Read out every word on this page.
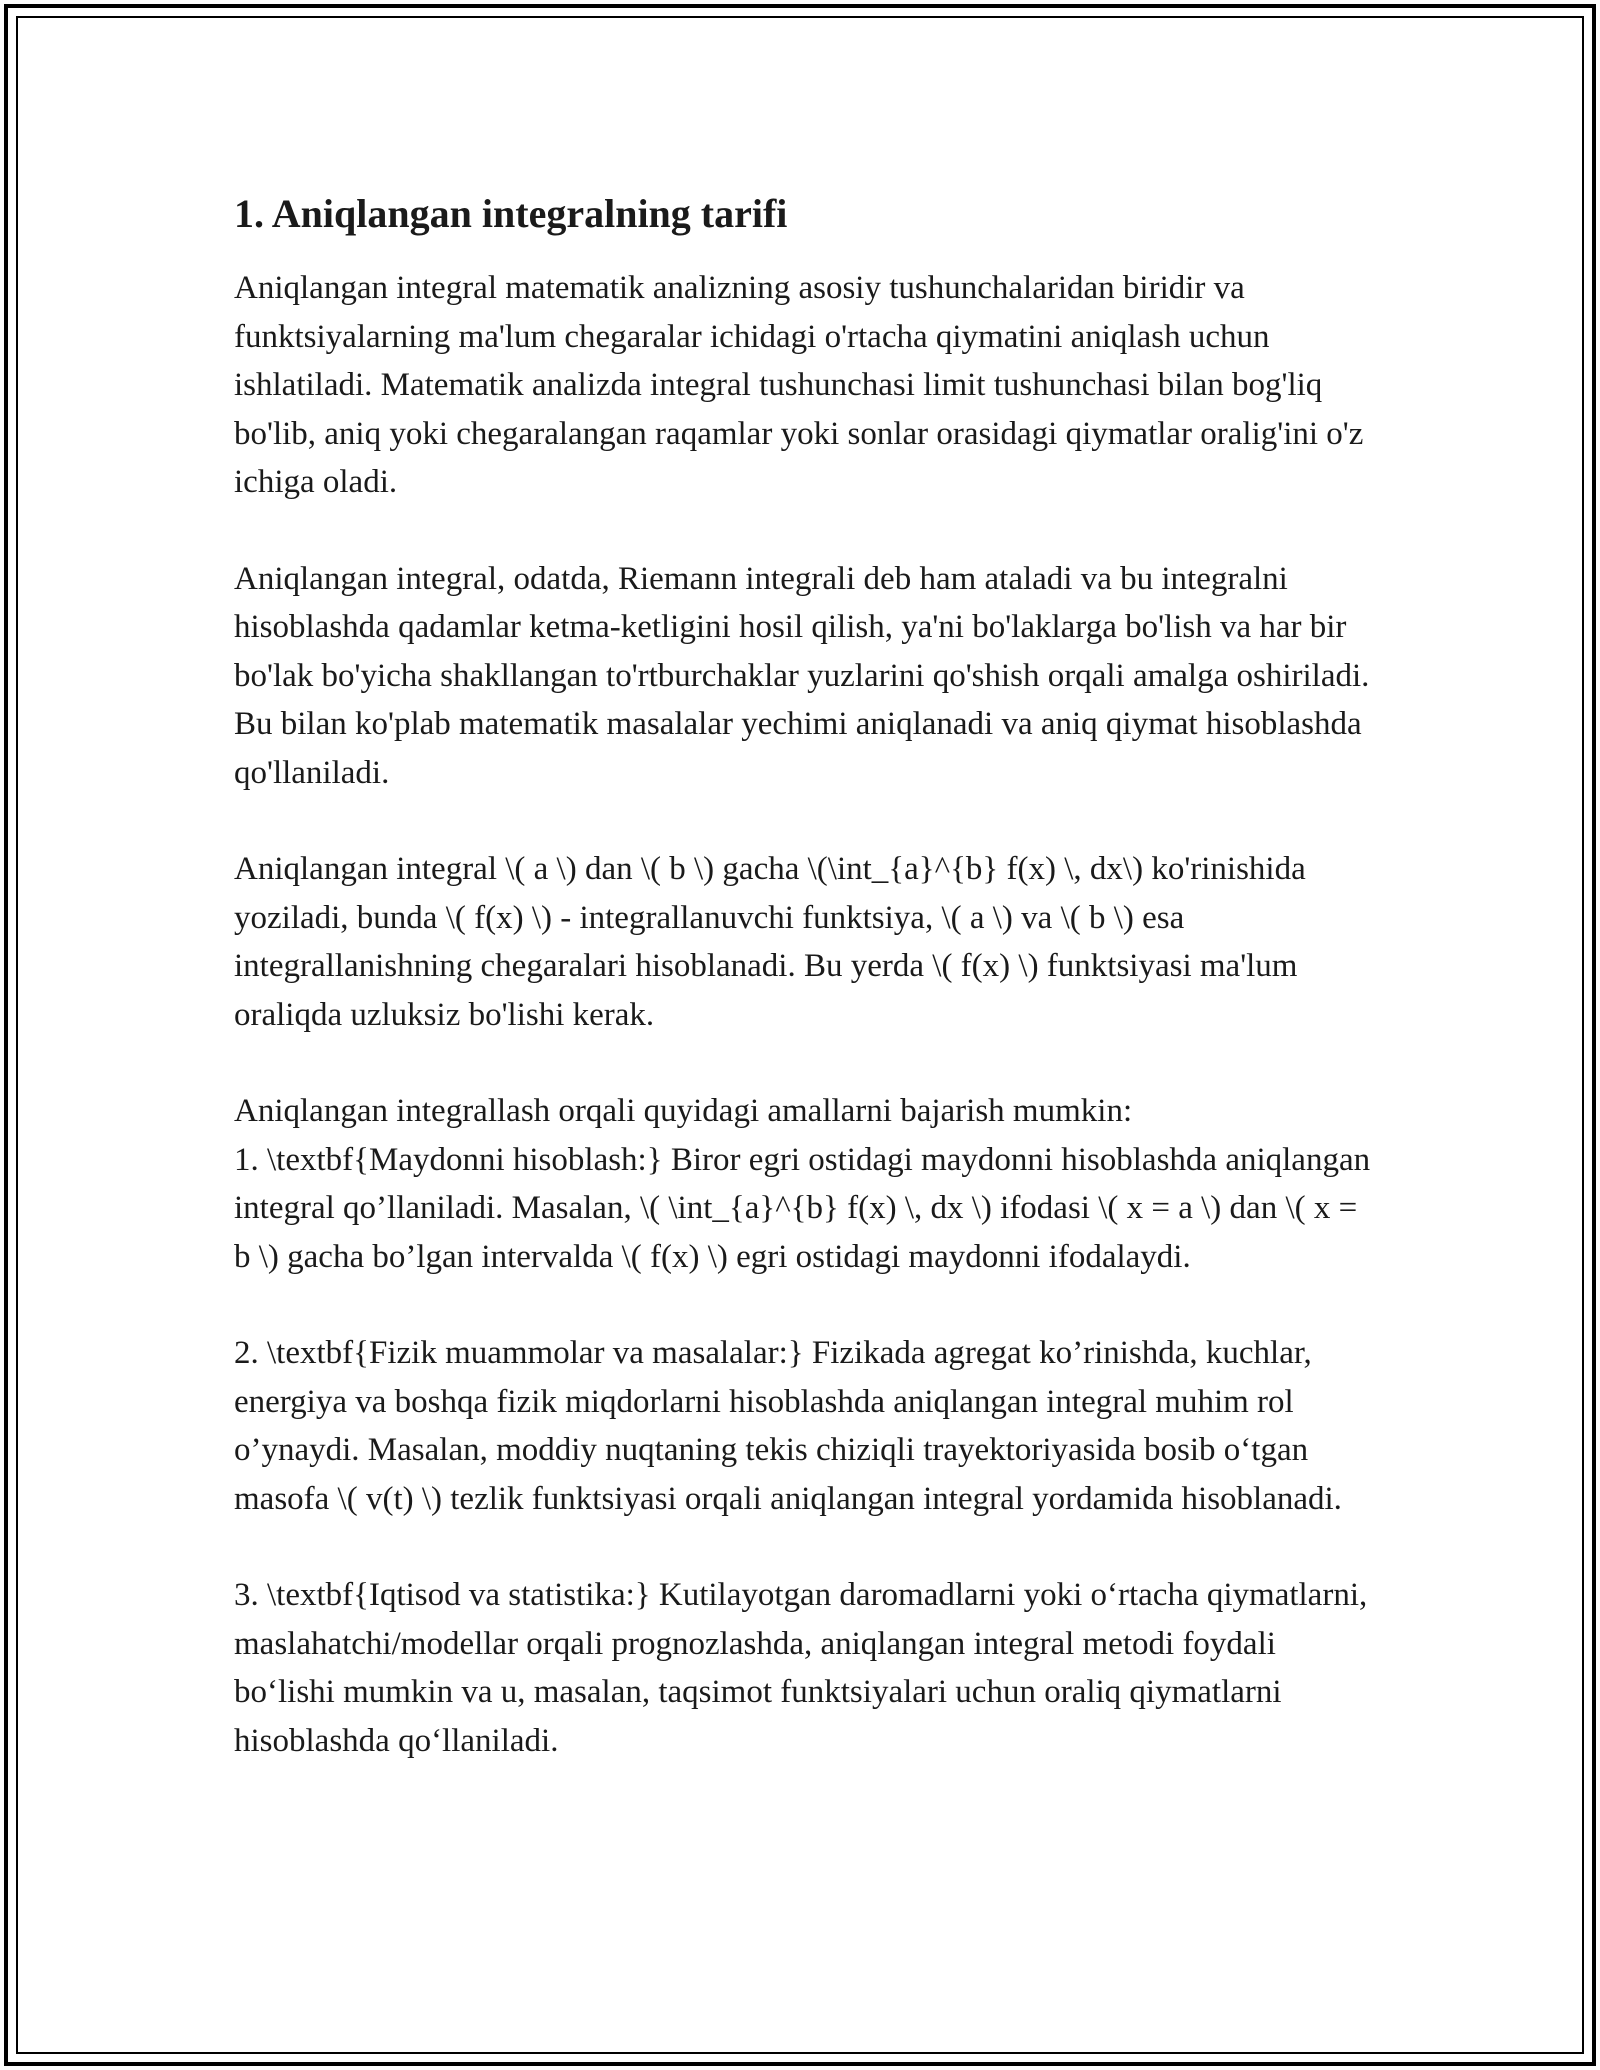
1. Aniqlangan integralning tarifi

Aniqlangan integral matematik analizning asosiy tushunchalaridan biridir va funktsiyalarning ma'lum chegaralar ichidagi o'rtacha qiymatini aniqlash uchun ishlatiladi. Matematik analizda integral tushunchasi limit tushunchasi bilan bog'liq bo'lib, aniq yoki chegaralangan raqamlar yoki sonlar orasidagi qiymatlar oralig'ini o'z ichiga oladi.

Aniqlangan integral, odatda, Riemann integrali deb ham ataladi va bu integralni hisoblashda qadamlar ketma-ketligini hosil qilish, ya'ni bo'laklarga bo'lish va har bir bo'lak bo'yicha shakllangan to'rtburchaklar yuzlarini qo'shish orqali amalga oshiriladi. Bu bilan ko'plab matematik masalalar yechimi aniqlanadi va aniq qiymat hisoblashda qo'llaniladi.

Aniqlangan integral \( a \) dan \( b \) gacha \(\int_{a}^{b} f(x) \, dx\) ko'rinishida yoziladi, bunda \( f(x) \) - integrallanuvchi funktsiya, \( a \) va \( b \) esa integrallanishning chegaralari hisoblanadi. Bu yerda \( f(x) \) funktsiyasi ma'lum oraliqda uzluksiz bo'lishi kerak.

Aniqlangan integrallash orqali quyidagi amallarni bajarish mumkin:

1. \textbf{Maydonni hisoblash:} Biror egri ostidagi maydonni hisoblashda aniqlangan integral qo’llaniladi. Masalan, \( \int_{a}^{b} f(x) \, dx \) ifodasi \( x = a \) dan \( x = b \) gacha bo’lgan intervalda \( f(x) \) egri ostidagi maydonni ifodalaydi.

2. \textbf{Fizik muammolar va masalalar:} Fizikada agregat ko’rinishda, kuchlar, energiya va boshqa fizik miqdorlarni hisoblashda aniqlangan integral muhim rol o’ynaydi. Masalan, moddiy nuqtaning tekis chiziqli trayektoriyasida bosib o‘tgan masofa \( v(t) \) tezlik funktsiyasi orqali aniqlangan integral yordamida hisoblanadi.

3. \textbf{Iqtisod va statistika:} Kutilayotgan daromadlarni yoki o‘rtacha qiymatlarni, maslahatchi/modellar orqali prognozlashda, aniqlangan integral metodi foydali bo‘lishi mumkin va u, masalan, taqsimot funktsiyalari uchun oraliq qiymatlarni hisoblashda qo‘llaniladi.
